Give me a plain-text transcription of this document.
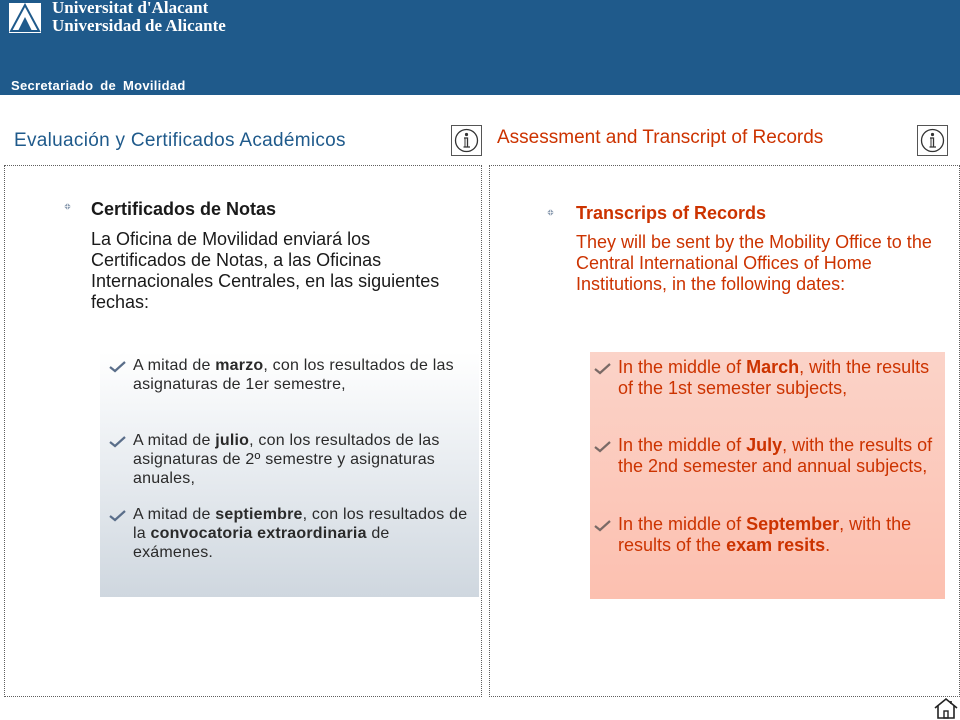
Universitat d'Alacant
Universidad de Alicante
Secretariado de Movilidad
Evaluación y Certificados Académicos	Assessment and Transcript of Records
Certificados de Notas
La Oficina de Movilidad enviará los Certificados de Notas, a las Oficinas Internacionales Centrales, en las siguientes fechas:
A mitad de marzo, con los resultados de las asignaturas de 1er semestre,
A mitad de julio, con los resultados de las asignaturas de 2º semestre y asignaturas anuales,
A mitad de septiembre, con los resultados de la convocatoria extraordinaria de exámenes.
Transcrips of Records
They will be sent by the Mobility Office to the Central International Offices of Home Institutions, in the following dates:
In the middle of March, with the results of the 1st semester subjects,
In the middle of July, with the results of the 2nd semester and annual subjects,
In the middle of September, with the results of the exam resits.
